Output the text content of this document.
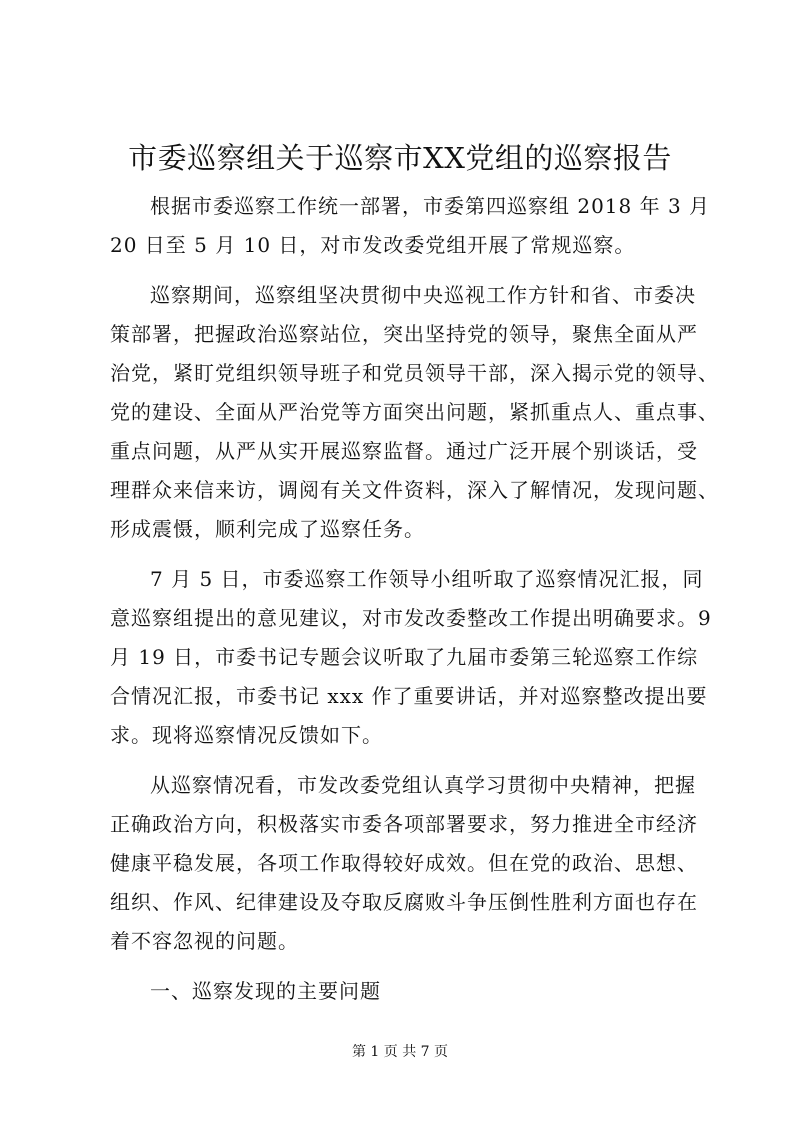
市委巡察组关于巡察市XX党组的巡察报告
根据市委巡察工作统一部署，市委第四巡察组 2018 年 3 月
20 日至 5 月 10 日，对市发改委党组开展了常规巡察。
巡察期间，巡察组坚决贯彻中央巡视工作方针和省、市委决
策部署，把握政治巡察站位，突出坚持党的领导，聚焦全面从严
治党，紧盯党组织领导班子和党员领导干部，深入揭示党的领导、
党的建设、全面从严治党等方面突出问题，紧抓重点人、重点事、
重点问题，从严从实开展巡察监督。通过广泛开展个别谈话，受
理群众来信来访，调阅有关文件资料，深入了解情况，发现问题、
形成震慑，顺利完成了巡察任务。
7 月 5 日，市委巡察工作领导小组听取了巡察情况汇报，同
意巡察组提出的意见建议，对市发改委整改工作提出明确要求。9
月 19 日，市委书记专题会议听取了九届市委第三轮巡察工作综
合情况汇报，市委书记 xxx 作了重要讲话，并对巡察整改提出要
求。现将巡察情况反馈如下。
从巡察情况看，市发改委党组认真学习贯彻中央精神，把握
正确政治方向，积极落实市委各项部署要求，努力推进全市经济
健康平稳发展，各项工作取得较好成效。但在党的政治、思想、
组织、作风、纪律建设及夺取反腐败斗争压倒性胜利方面也存在
着不容忽视的问题。
一、巡察发现的主要问题
第 1 页 共 7 页
